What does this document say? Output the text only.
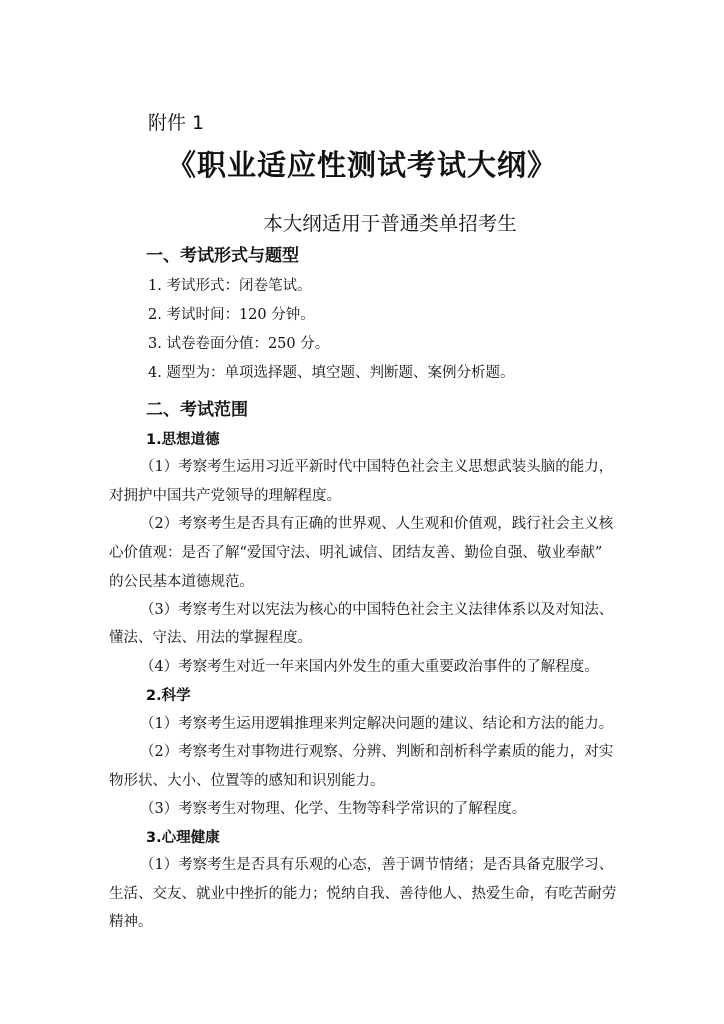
附件 1
《职业适应性测试考试大纲》
本大纲适用于普通类单招考生
一、考试形式与题型
1. 考试形式：闭卷笔试。
2. 考试时间：120 分钟。
3. 试卷卷面分值：250 分。
4. 题型为：单项选择题、填空题、判断题、案例分析题。
二、考试范围
1.思想道德
（1）考察考生运用习近平新时代中国特色社会主义思想武装头脑的能力，
对拥护中国共产党领导的理解程度。
（2）考察考生是否具有正确的世界观、人生观和价值观，践行社会主义核
心价值观：是否了解“爱国守法、明礼诚信、团结友善、勤俭自强、敬业奉献”
的公民基本道德规范。
（3）考察考生对以宪法为核心的中国特色社会主义法律体系以及对知法、
懂法、守法、用法的掌握程度。
（4）考察考生对近一年来国内外发生的重大重要政治事件的了解程度。
2.科学
（1）考察考生运用逻辑推理来判定解决问题的建议、结论和方法的能力。
（2）考察考生对事物进行观察、分辨、判断和剖析科学素质的能力，对实
物形状、大小、位置等的感知和识别能力。
（3）考察考生对物理、化学、生物等科学常识的了解程度。
3.心理健康
（1）考察考生是否具有乐观的心态，善于调节情绪；是否具备克服学习、
生活、交友、就业中挫折的能力；悦纳自我、善待他人、热爱生命，有吃苦耐劳
精神。
